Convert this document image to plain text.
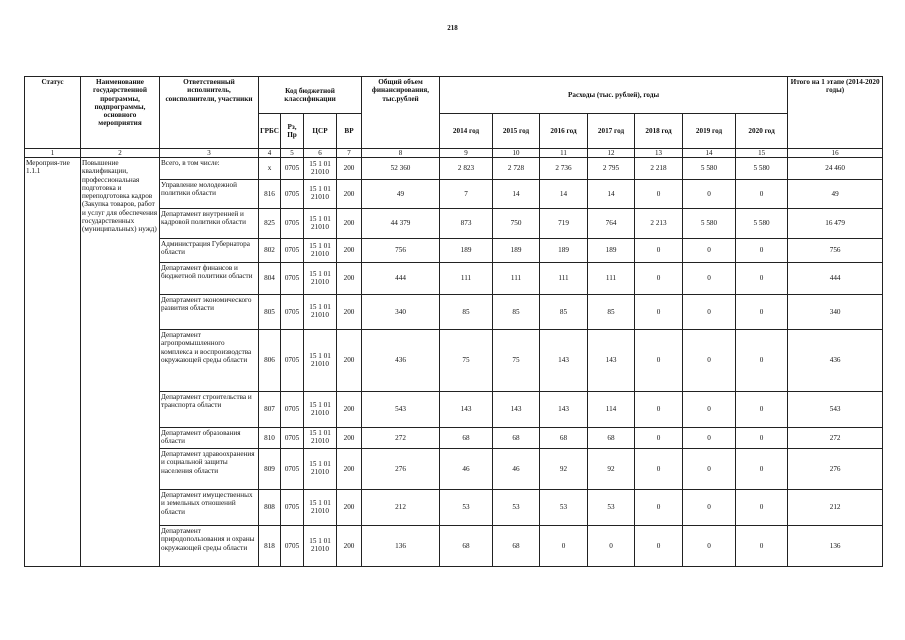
218
Статус	Наименование государственной программы, подпрограммы, основного мероприятия	Ответственный исполнитель, соисполнители, участники	Код бюджетной классификации				Общий объем финансирования, тыс.рублей	Расходы (тыс. рублей), годы							Итого на 1 этапе (2014-2020 годы)
			ГРБС	Рз, Пр	ЦСР	ВР		2014 год	2015 год	2016 год	2017 год	2018 год	2019 год	2020 год	
1	2	3	4	5	6	7	8	9	10	11	12	13	14	15	16
Мероприя-тие 1.1.1	Повышение квалификации, профессиональная подготовка и переподготовка кадров (Закупка товаров, работ и услуг для обеспечения государственных (муниципальных) нужд)	Всего, в том числе:	х	0705	15 1 01
21010	200	52 360	2 823	2 728	2 736	2 795	2 218	5 580	5 580	24 460
		Управление молодежной политики области	816	0705	15 1 01
21010	200	49	7	14	14	14	0	0	0	49
		Департамент внутренней и кадровой политики области	825	0705	15 1 01
21010	200	44 379	873	750	719	764	2 213	5 580	5 580	16 479
		Администрация Губернатора области	802	0705	15 1 01
21010	200	756	189	189	189	189	0	0	0	756
		Департамент финансов и бюджетной политики области	804	0705	15 1 01
21010	200	444	111	111	111	111	0	0	0	444
		Департамент экономического развития области	805	0705	15 1 01
21010	200	340	85	85	85	85	0	0	0	340
		Департамент агропромышленного комплекса и воспроизводства окружающей среды области	806	0705	15 1 01
21010	200	436	75	75	143	143	0	0	0	436
		Департамент строительства и транспорта области	807	0705	15 1 01
21010	200	543	143	143	143	114	0	0	0	543
		Департамент образования области	810	0705	15 1 01
21010	200	272	68	68	68	68	0	0	0	272
		Департамент здравоохранения и социальной защиты населения области	809	0705	15 1 01
21010	200	276	46	46	92	92	0	0	0	276
		Департамент имущественных и земельных отношений области	808	0705	15 1 01
21010	200	212	53	53	53	53	0	0	0	212
		Департамент природопользования и охраны окружающей среды области	818	0705	15 1 01
21010	200	136	68	68	0	0	0	0	0	136
